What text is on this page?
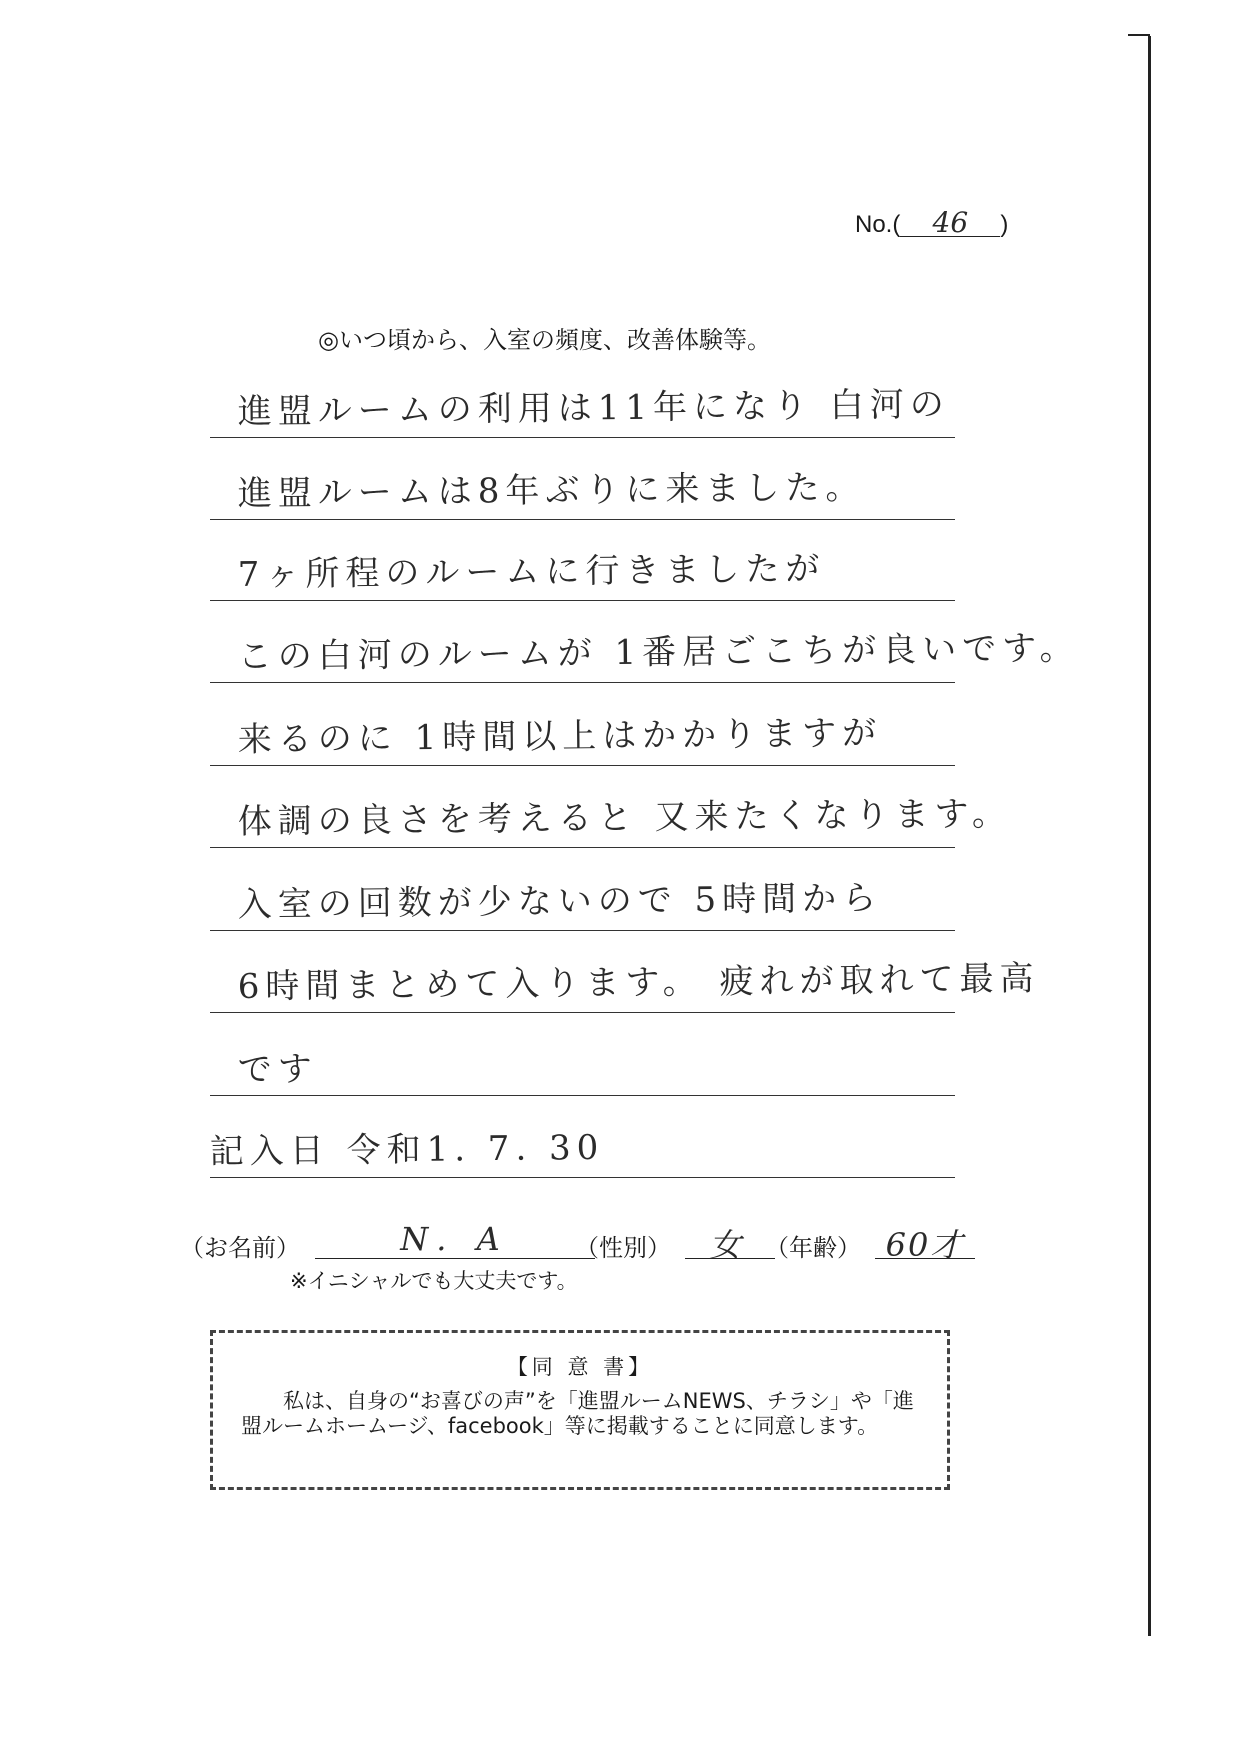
No.( 46 )
◎いつ頃から、入室の頻度、改善体験等。
進盟ルームの利用は11年になり 白河の
進盟ルームは8年ぶりに来ました。
7ヶ所程のルームに行きましたが
この白河のルームが 1番居ごこちが良いです。
来るのに 1時間以上はかかりますが
体調の良さを考えると 又来たくなります。
入室の回数が少ないので 5時間から
6時間まとめて入ります。 疲れが取れて最高
です
記入日 令和1. 7. 30
（お名前）	N. A	（性別）	女 （年齢） 60才
※イニシャルでも大丈夫です。
【同 意 書】
私は、自身の“お喜びの声”を「進盟ルームNEWS、チラシ」や「進盟ルームホームージ、facebook」等に掲載することに同意します。
